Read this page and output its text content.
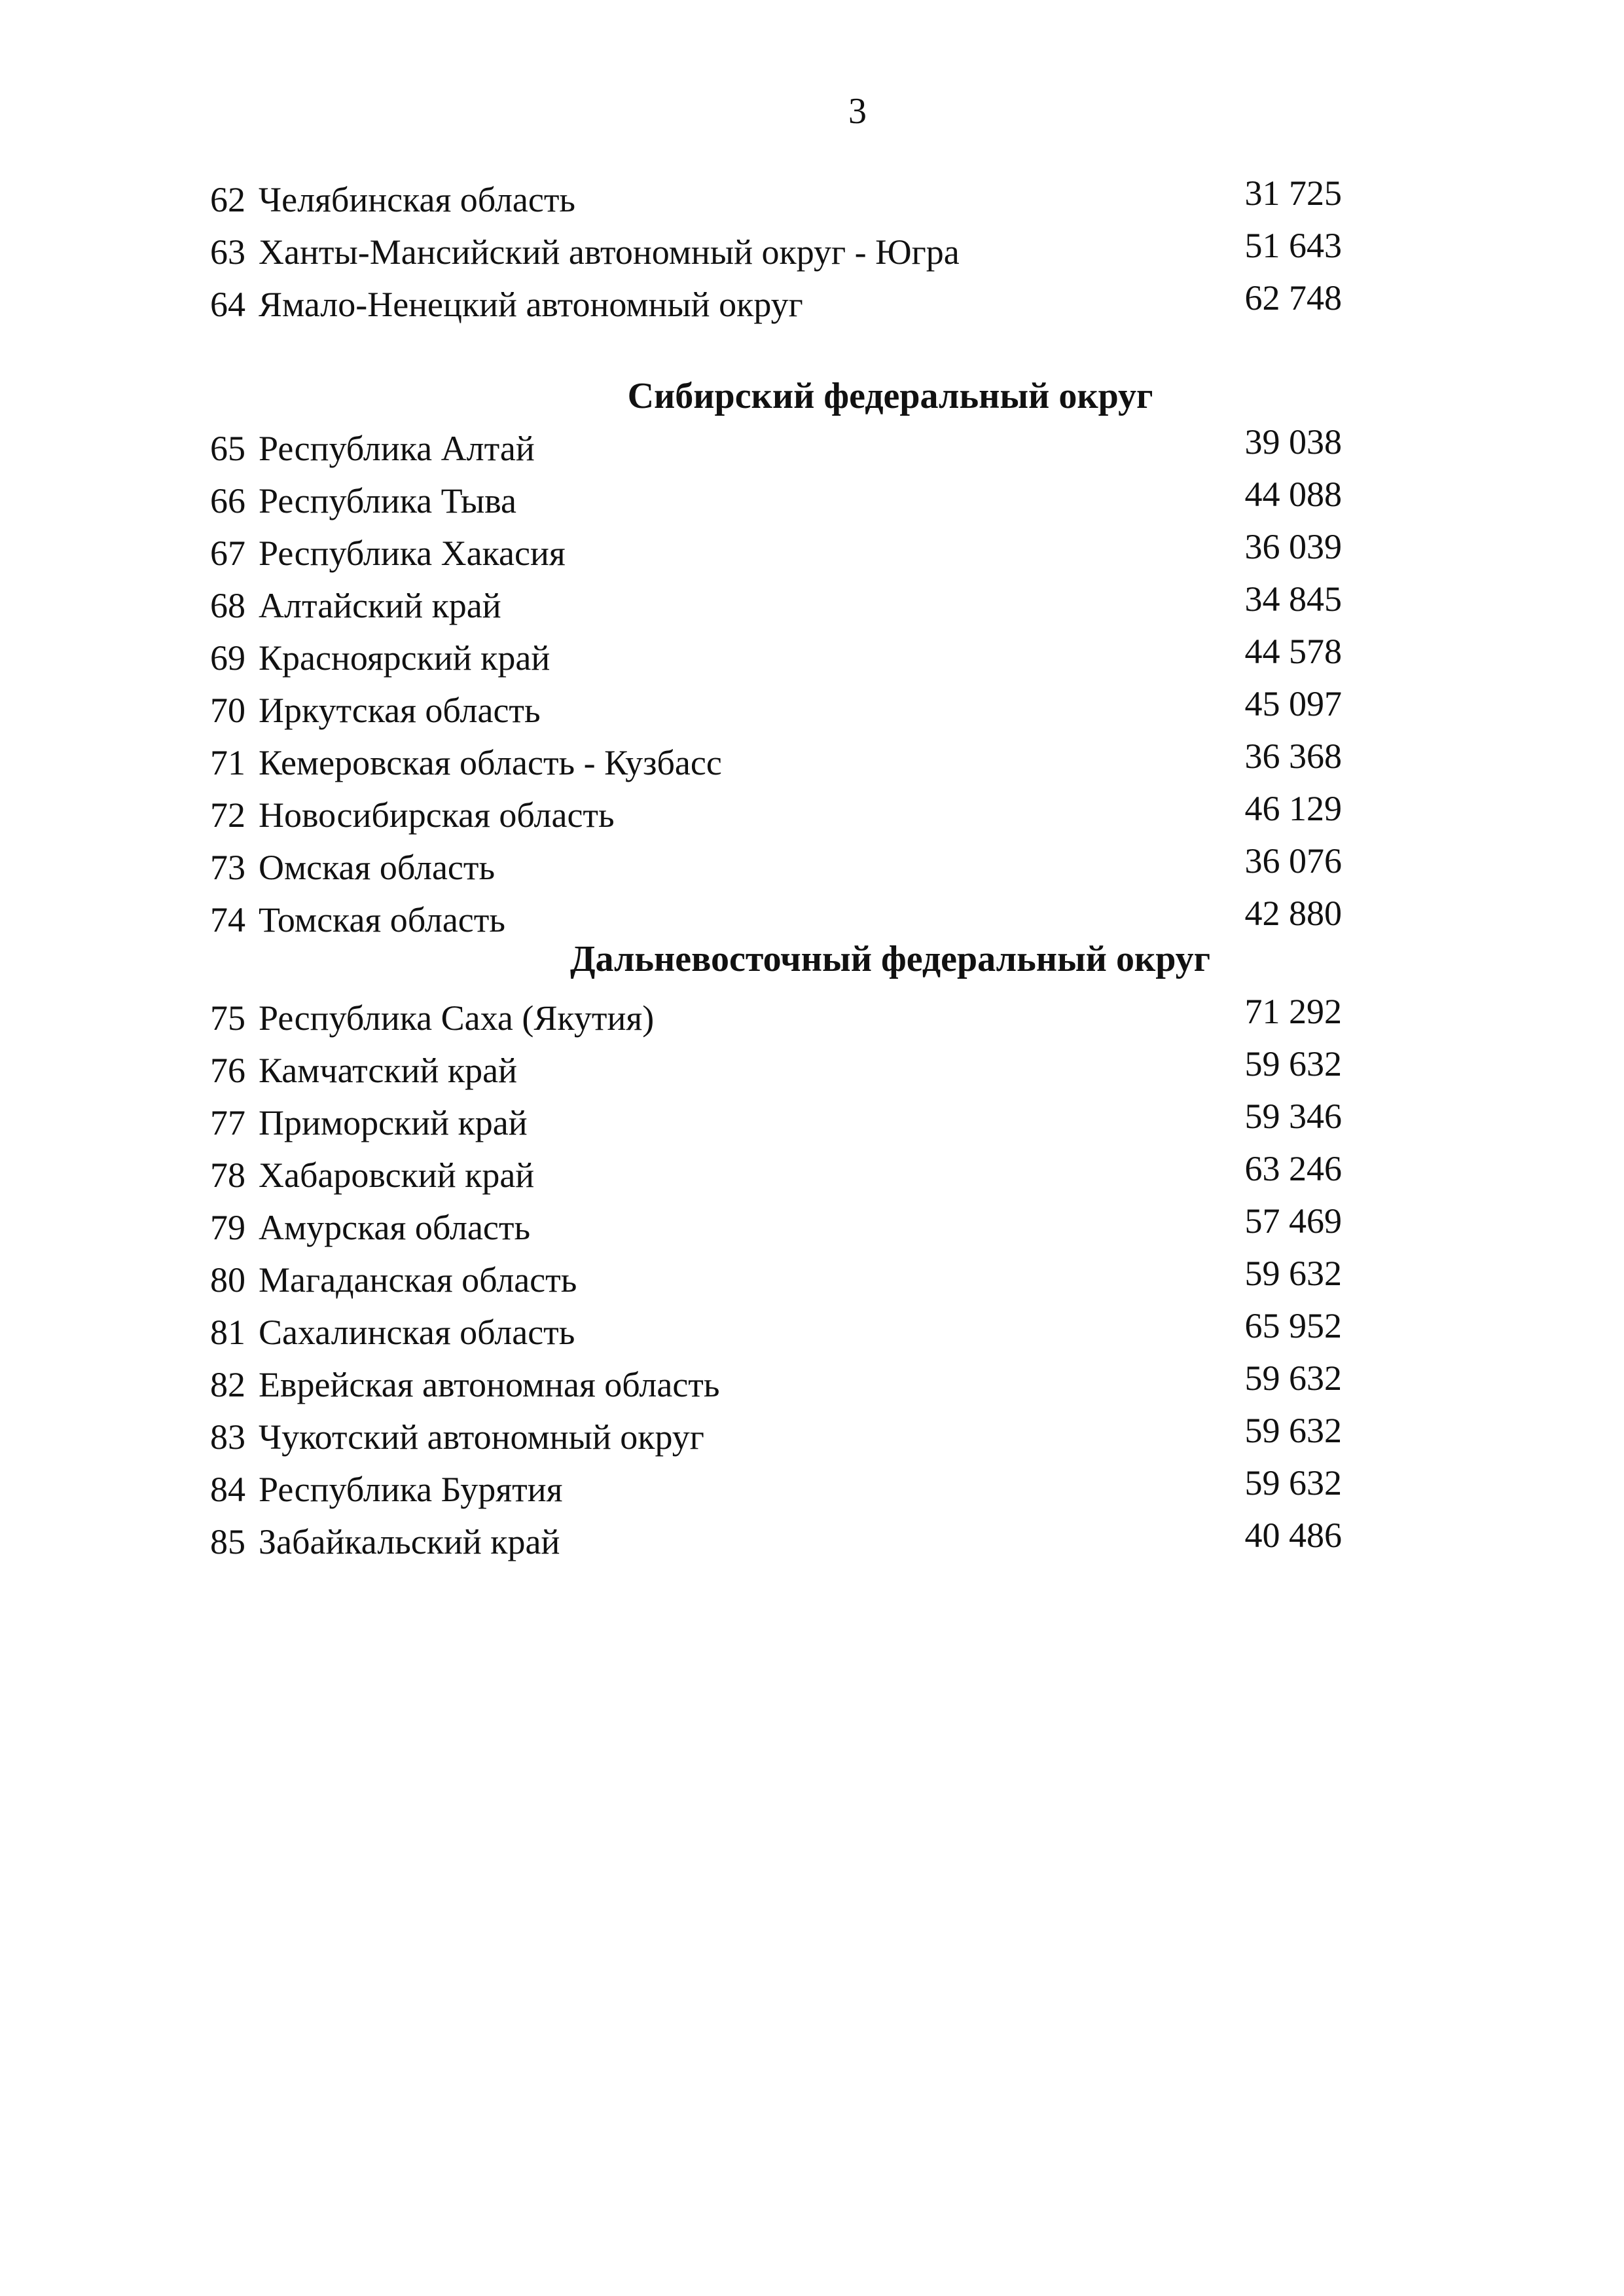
3
62 Челябинская область	31 725
63 Ханты-Мансийский автономный округ - Югра	51 643
64 Ямало-Ненецкий автономный округ	62 748
Сибирский федеральный округ
65 Республика Алтай	39 038
66 Республика Тыва	44 088
67 Республика Хакасия	36 039
68 Алтайский край	34 845
69 Красноярский край	44 578
70 Иркутская область	45 097
71 Кемеровская область - Кузбасс	36 368
72 Новосибирская область	46 129
73 Омская область	36 076
74 Томская область	42 880
Дальневосточный федеральный округ
75 Республика Саха (Якутия)	71 292
76 Камчатский край	59 632
77 Приморский край	59 346
78 Хабаровский край	63 246
79 Амурская область	57 469
80 Магаданская область	59 632
81 Сахалинская область	65 952
82 Еврейская автономная область	59 632
83 Чукотский автономный округ	59 632
84 Республика Бурятия	59 632
85 Забайкальский край	40 486
